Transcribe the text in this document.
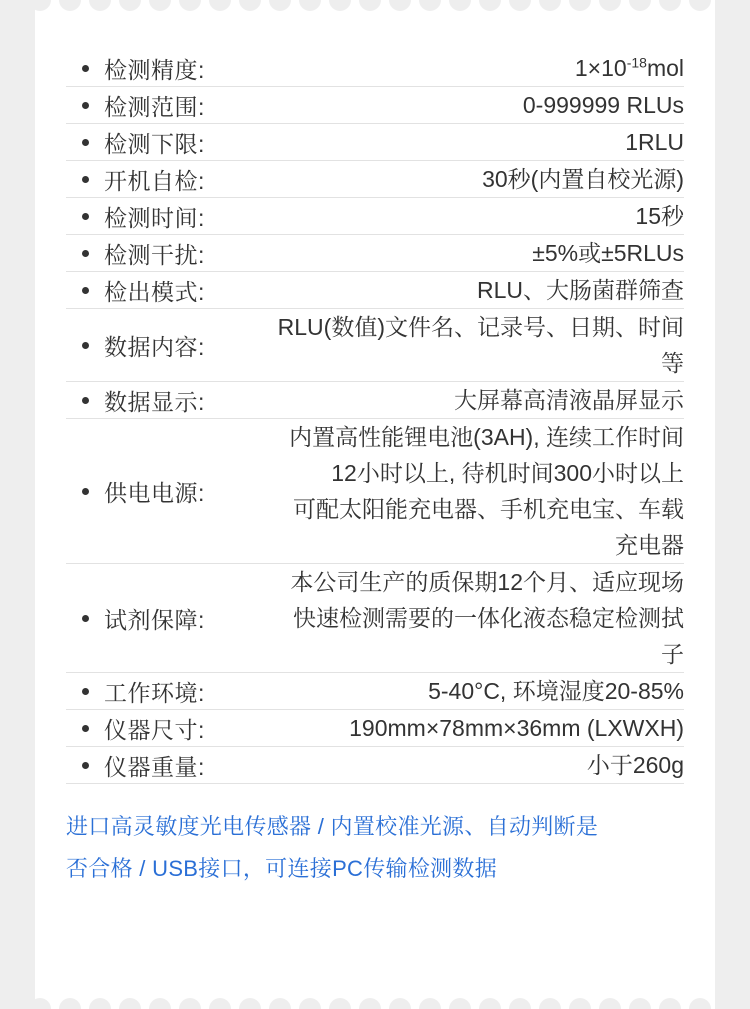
	检测精度:	$1\times 10^{-18}mol$

	检测范围:	0-999999 RLUs

	检测下限:	1RLU

	开机自检:	30秒(内置自校光源)

	检测时间:	15秒

	检测干扰:	±5%或±5RLUs

	检出模式:	RLU、大肠菌群筛查

	数据内容:	RLU(数值)文件名、记录号、日期、时间等

	数据显示:	大屏幕高清液晶屏显示

	供电电源:	内置高性能锂电池(3AH), 连续工作时间
12小时以上, 待机时间300小时以上
可配太阳能充电器、手机充电宝、车载充电器

	试剂保障:	本公司生产的质保期12个月、适应现场
快速检测需要的一体化液态稳定检测拭子

	工作环境:	5-40°C, 环境湿度20-85%

	仪器尺寸:	190mm×78mm×36mm (LXWXH)

	仪器重量:	小于260g
进口高灵敏度光电传感器 / 内置校准光源、自动判断是
否合格 / USB接口，可连接PC传输检测数据
